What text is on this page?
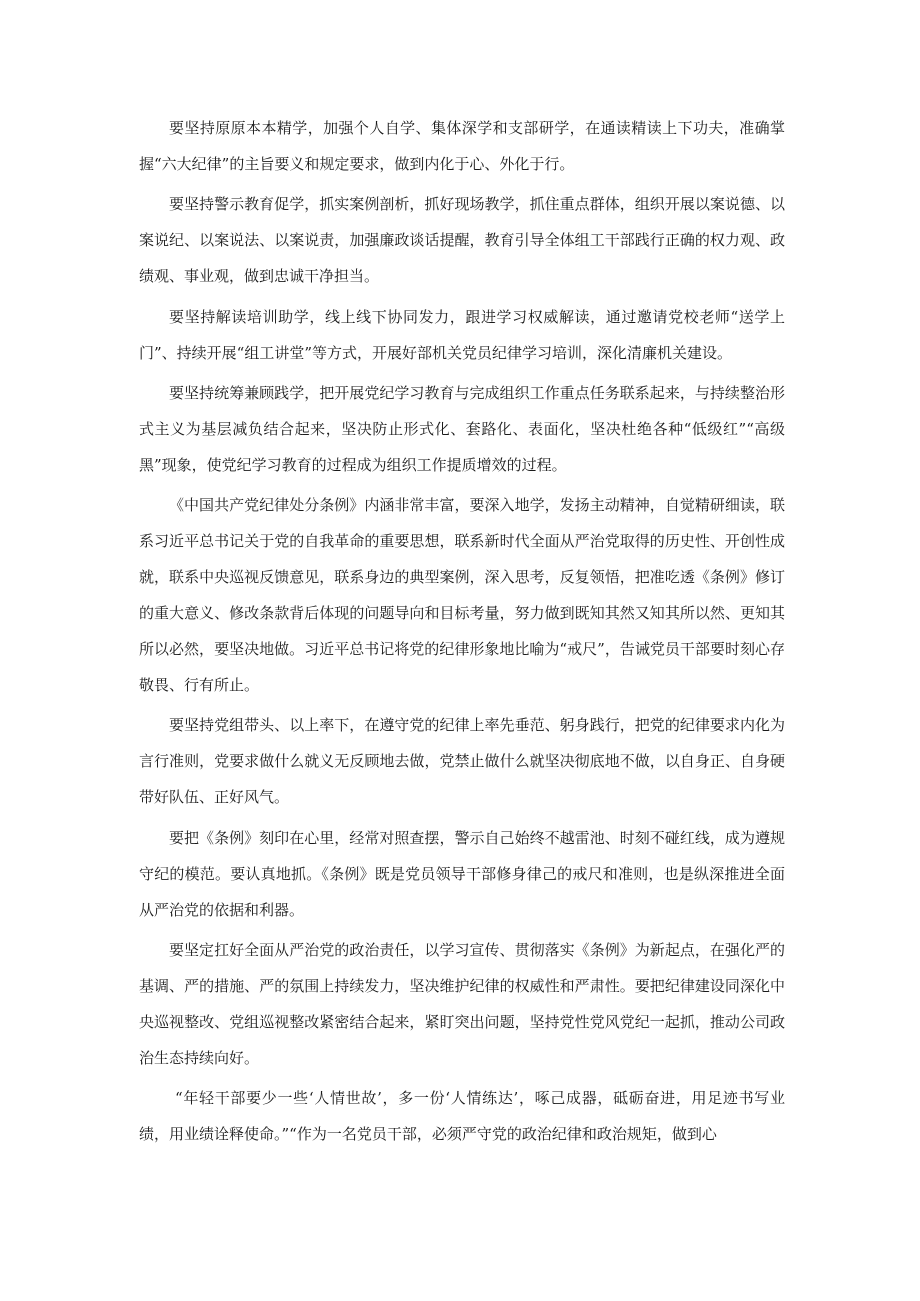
要坚持原原本本精学，加强个人自学、集体深学和支部研学，在通读精读上下功夫，准确掌握“六大纪律”的主旨要义和规定要求，做到内化于心、外化于行。

要坚持警示教育促学，抓实案例剖析，抓好现场教学，抓住重点群体，组织开展以案说德、以案说纪、以案说法、以案说责，加强廉政谈话提醒，教育引导全体组工干部践行正确的权力观、政绩观、事业观，做到忠诚干净担当。

要坚持解读培训助学，线上线下协同发力，跟进学习权威解读，通过邀请党校老师“送学上门”、持续开展“组工讲堂”等方式，开展好部机关党员纪律学习培训，深化清廉机关建设。

要坚持统筹兼顾践学，把开展党纪学习教育与完成组织工作重点任务联系起来，与持续整治形式主义为基层减负结合起来，坚决防止形式化、套路化、表面化，坚决杜绝各种“低级红”“高级黑”现象，使党纪学习教育的过程成为组织工作提质增效的过程。

《中国共产党纪律处分条例》内涵非常丰富，要深入地学，发扬主动精神，自觉精研细读，联系习近平总书记关于党的自我革命的重要思想，联系新时代全面从严治党取得的历史性、开创性成就，联系中央巡视反馈意见，联系身边的典型案例，深入思考，反复领悟，把准吃透《条例》修订的重大意义、修改条款背后体现的问题导向和目标考量，努力做到既知其然又知其所以然、更知其所以必然，要坚决地做。习近平总书记将党的纪律形象地比喻为“戒尺”，告诫党员干部要时刻心存敬畏、行有所止。

要坚持党组带头、以上率下，在遵守党的纪律上率先垂范、躬身践行，把党的纪律要求内化为言行准则，党要求做什么就义无反顾地去做，党禁止做什么就坚决彻底地不做，以自身正、自身硬带好队伍、正好风气。

要把《条例》刻印在心里，经常对照查摆，警示自己始终不越雷池、时刻不碰红线，成为遵规守纪的模范。要认真地抓。《条例》既是党员领导干部修身律己的戒尺和准则，也是纵深推进全面从严治党的依据和利器。

要坚定扛好全面从严治党的政治责任，以学习宣传、贯彻落实《条例》为新起点，在强化严的基调、严的措施、严的氛围上持续发力，坚决维护纪律的权威性和严肃性。要把纪律建设同深化中央巡视整改、党组巡视整改紧密结合起来，紧盯突出问题，坚持党性党风党纪一起抓，推动公司政治生态持续向好。

“年轻干部要少一些‘人情世故’，多一份‘人情练达’，啄己成器，砥砺奋进，用足迹书写业绩，用业绩诠释使命。”“作为一名党员干部，必须严守党的政治纪律和政治规矩，做到心
